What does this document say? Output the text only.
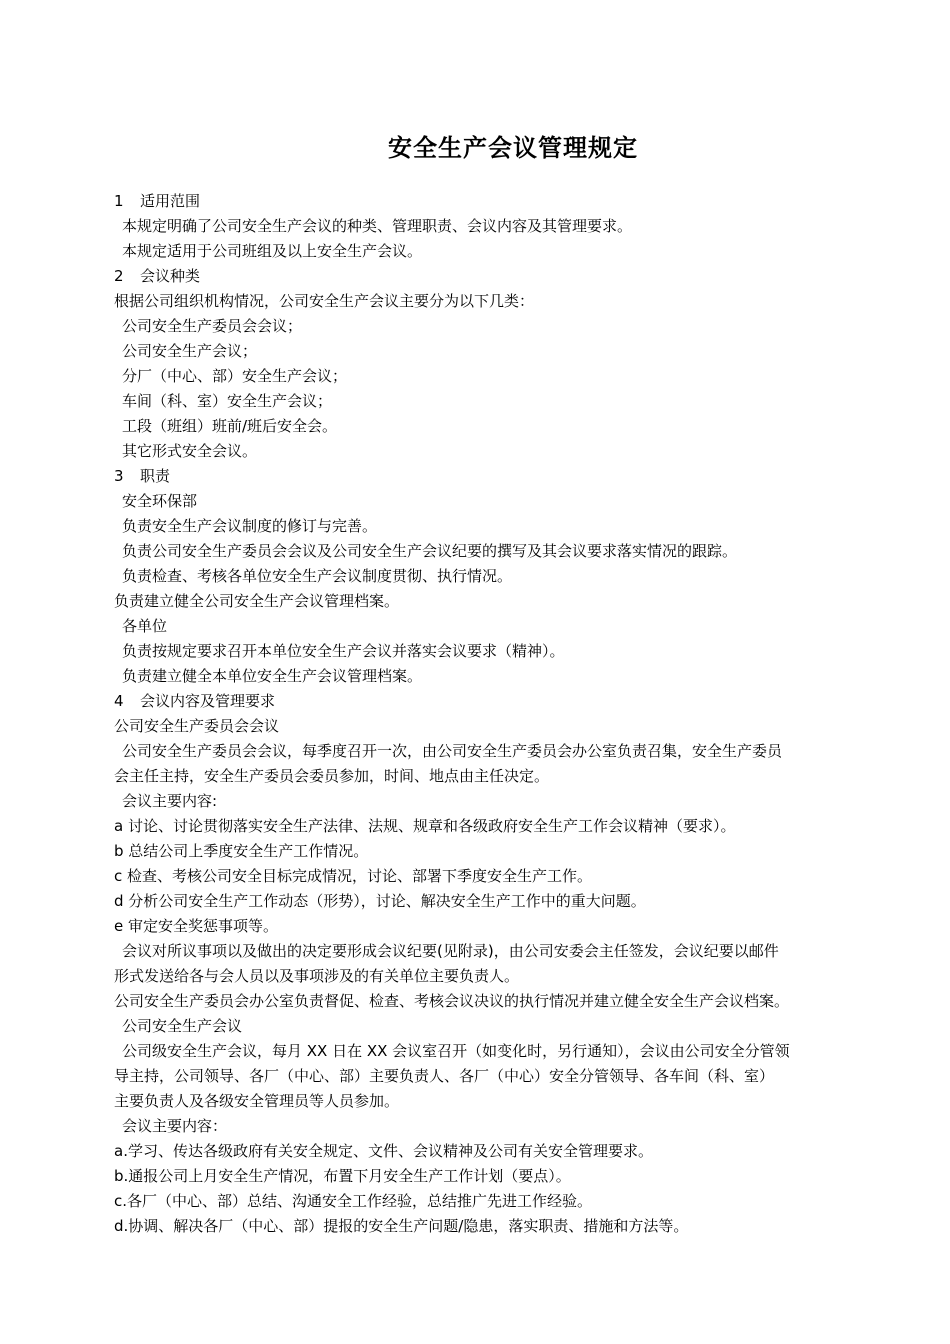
安全生产会议管理规定
1 适用范围
本规定明确了公司安全生产会议的种类、管理职责、会议内容及其管理要求。
本规定适用于公司班组及以上安全生产会议。
2 会议种类
根据公司组织机构情况，公司安全生产会议主要分为以下几类：
公司安全生产委员会会议；
公司安全生产会议；
分厂（中心、部）安全生产会议；
车间（科、室）安全生产会议；
工段（班组）班前/班后安全会。
其它形式安全会议。
3 职责
安全环保部
负责安全生产会议制度的修订与完善。
负责公司安全生产委员会会议及公司安全生产会议纪要的撰写及其会议要求落实情况的跟踪。
负责检查、考核各单位安全生产会议制度贯彻、执行情况。
负责建立健全公司安全生产会议管理档案。
各单位
负责按规定要求召开本单位安全生产会议并落实会议要求（精神）。
负责建立健全本单位安全生产会议管理档案。
4 会议内容及管理要求
公司安全生产委员会会议
公司安全生产委员会会议，每季度召开一次，由公司安全生产委员会办公室负责召集，安全生产委员
会主任主持，安全生产委员会委员参加，时间、地点由主任决定。
会议主要内容:
a 讨论、讨论贯彻落实安全生产法律、法规、规章和各级政府安全生产工作会议精神（要求）。
b 总结公司上季度安全生产工作情况。
c 检查、考核公司安全目标完成情况，讨论、部署下季度安全生产工作。
d 分析公司安全生产工作动态（形势），讨论、解决安全生产工作中的重大问题。
e 审定安全奖惩事项等。
会议对所议事项以及做出的决定要形成会议纪要(见附录)，由公司安委会主任签发，会议纪要以邮件
形式发送给各与会人员以及事项涉及的有关单位主要负责人。
公司安全生产委员会办公室负责督促、检查、考核会议决议的执行情况并建立健全安全生产会议档案。
公司安全生产会议
公司级安全生产会议，每月 XX 日在 XX 会议室召开（如变化时，另行通知），会议由公司安全分管领
导主持，公司领导、各厂（中心、部）主要负责人、各厂（中心）安全分管领导、各车间（科、室）
主要负责人及各级安全管理员等人员参加。
会议主要内容：
a.学习、传达各级政府有关安全规定、文件、会议精神及公司有关安全管理要求。
b.通报公司上月安全生产情况，布置下月安全生产工作计划（要点）。
c.各厂（中心、部）总结、沟通安全工作经验，总结推广先进工作经验。
d.协调、解决各厂（中心、部）提报的安全生产问题/隐患，落实职责、措施和方法等。
